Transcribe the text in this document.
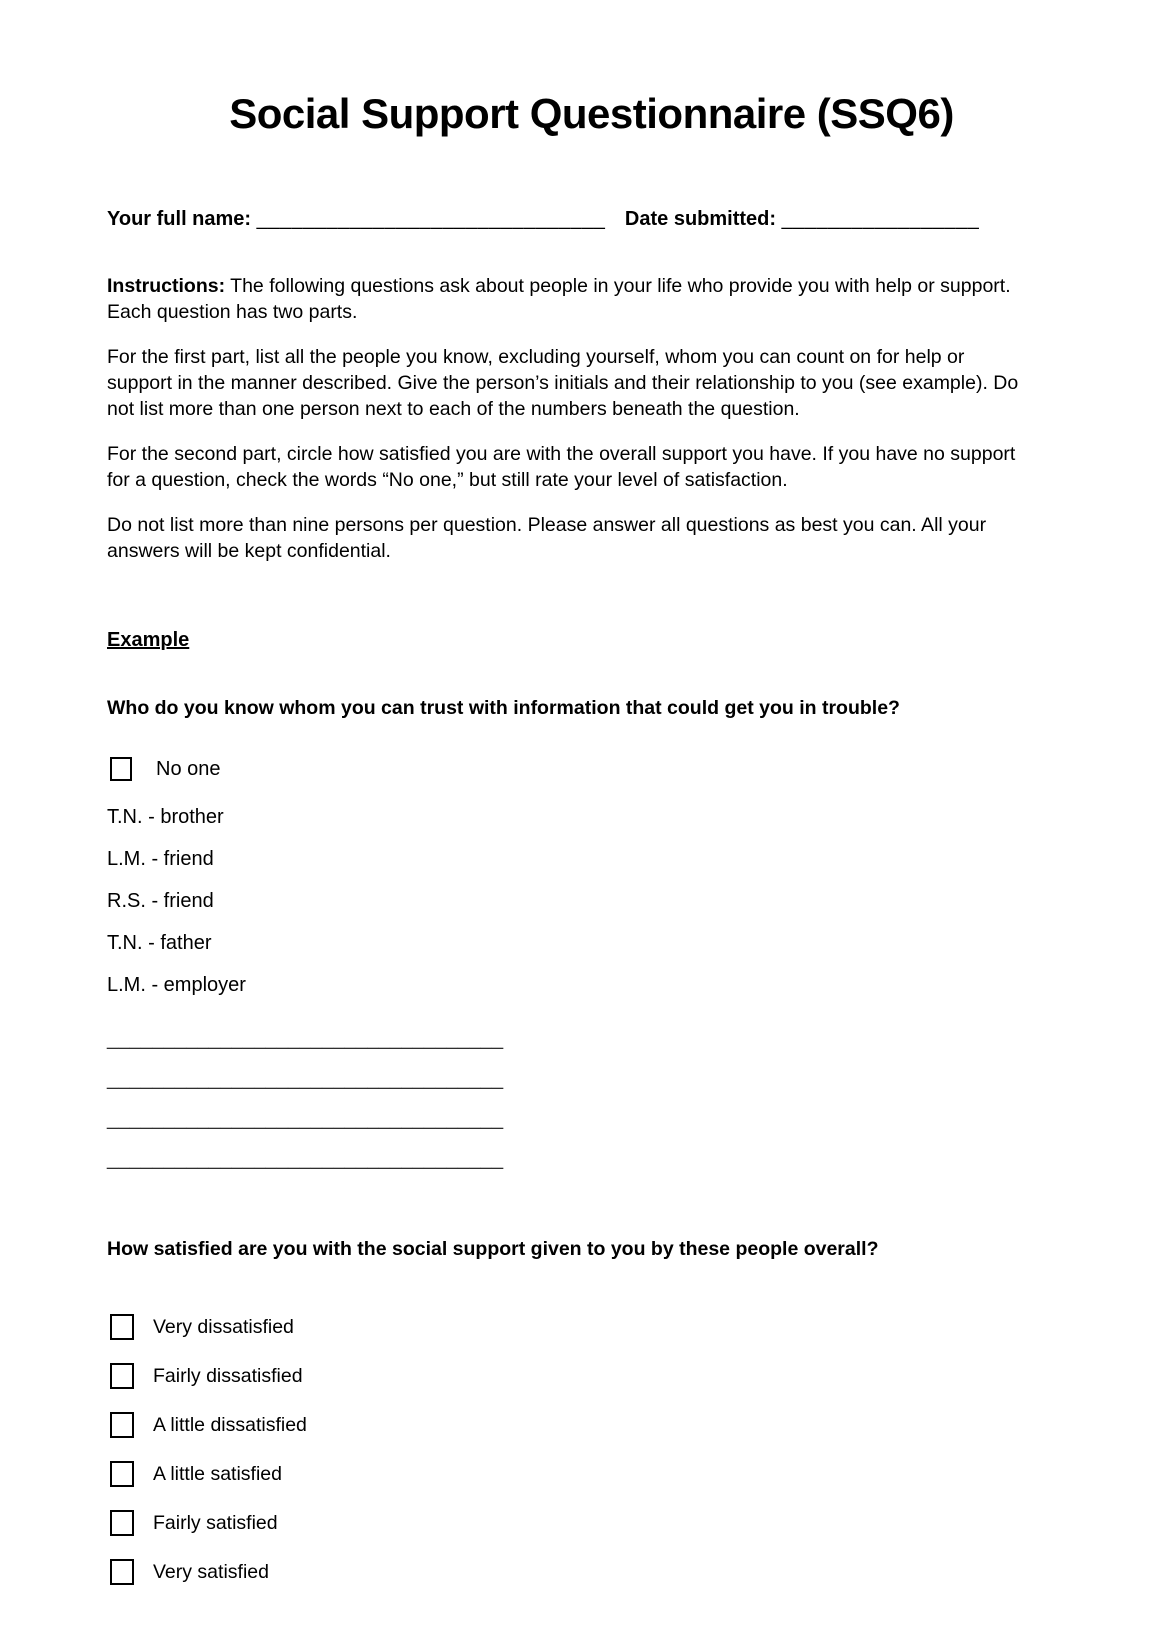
Social Support Questionnaire (SSQ6)
Your full name: ______________________________ Date submitted: _________________

Instructions: The following questions ask about people in your life who provide you with help or support. Each question has two parts.

For the first part, list all the people you know, excluding yourself, whom you can count on for help or support in the manner described. Give the person’s initials and their relationship to you (see example). Do not list more than one person next to each of the numbers beneath the question.

For the second part, circle how satisfied you are with the overall support you have. If you have no support for a question, check the words “No one,” but still rate your level of satisfaction.

Do not list more than nine persons per question. Please answer all questions as best you can. All your answers will be kept confidential.

Example
Who do you know whom you can trust with information that could get you in trouble?
No one
T.N. - brother
L.M. - friend
R.S. - friend
T.N. - father
L.M. - employer
___________________________________
___________________________________
___________________________________
___________________________________
How satisfied are you with the social support given to you by these people overall?
Very dissatisfied
Fairly dissatisfied
A little dissatisfied
A little satisfied
Fairly satisfied
Very satisfied
